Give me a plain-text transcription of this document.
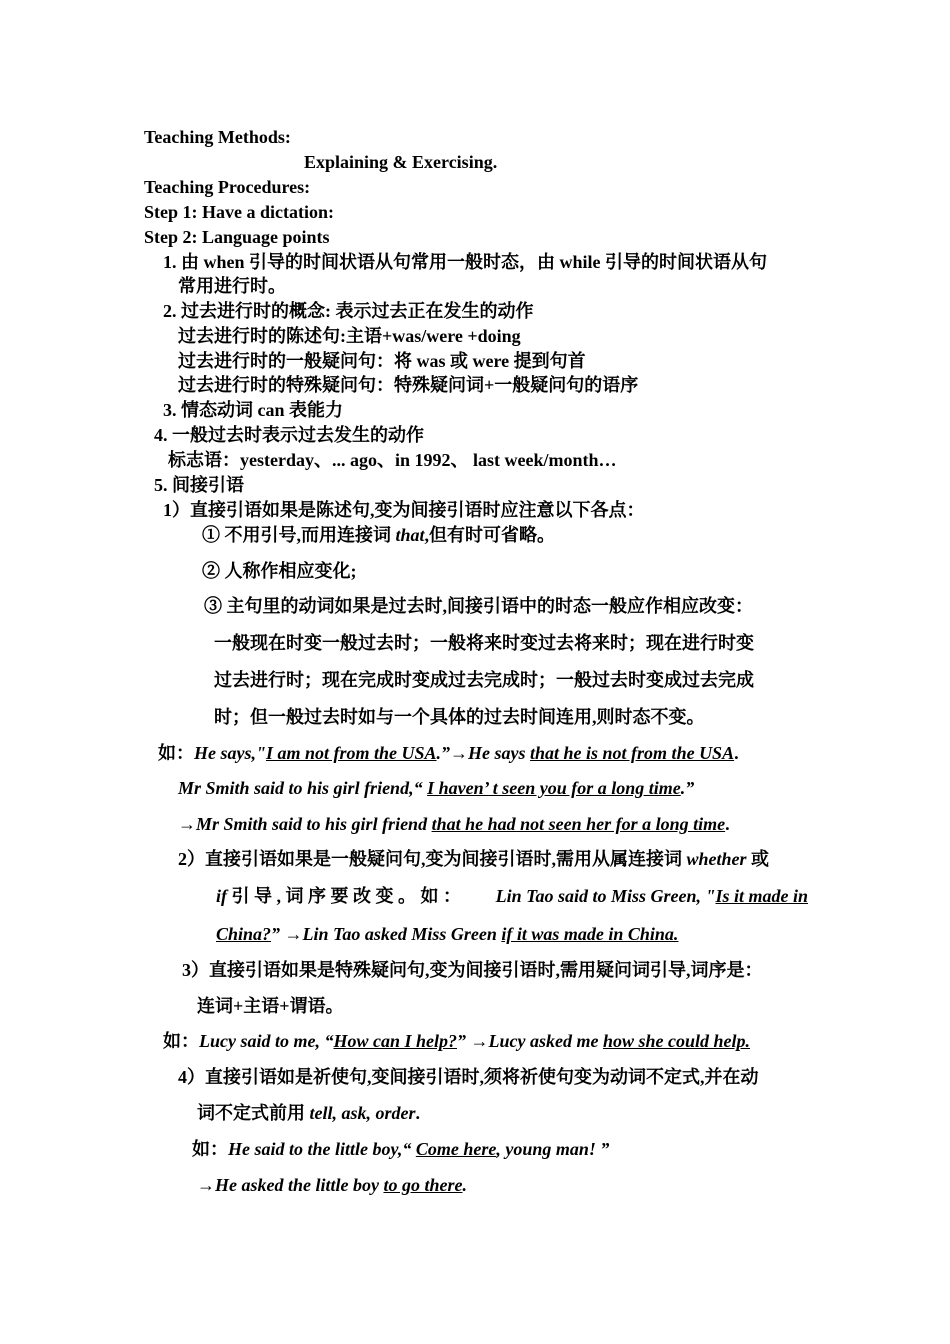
Teaching Methods:
Explaining & Exercising.
Teaching Procedures:
Step 1: Have a dictation:
Step 2: Language points
1. 由 when 引导的时间状语从句常用一般时态，由 while 引导的时间状语从句
常用进行时。
2. 过去进行时的概念: 表示过去正在发生的动作
过去进行时的陈述句:主语+was/were +doing
过去进行时的一般疑问句：将 was 或 were 提到句首
过去进行时的特殊疑问句：特殊疑问词+一般疑问句的语序
3. 情态动词 can 表能力
4. 一般过去时表示过去发生的动作
标志语：yesterday、... ago、in 1992、 last week/month…
5. 间接引语
1）直接引语如果是陈述句,变为间接引语时应注意以下各点：
① 不用引号,而用连接词 that,但有时可省略。
② 人称作相应变化;
③ 主句里的动词如果是过去时,间接引语中的时态一般应作相应改变：
一般现在时变一般过去时；一般将来时变过去将来时；现在进行时变
过去进行时；现在完成时变成过去完成时；一般过去时变成过去完成
时；但一般过去时如与一个具体的过去时间连用,则时态不变。
如：He says,"I am not from the USA.”→He says that he is not from the USA.
Mr Smith said to his girl friend,“ I haven’ t seen you for a long time.”
→Mr Smith said to his girl friend that he had not seen her for a long time.
2）直接引语如果是一般疑问句,变为间接引语时,需用从属连接词 whether 或
if 引 导 , 词 序 要 改 变 。 如 ： Lin Tao said to Miss Green, "Is it made in
China?” →Lin Tao asked Miss Green if it was made in China.
3）直接引语如果是特殊疑问句,变为间接引语时,需用疑问词引导,词序是：
连词+主语+谓语。
如：Lucy said to me, “How can I help?” →Lucy asked me how she could help.
4）直接引语如是祈使句,变间接引语时,须将祈使句变为动词不定式,并在动
词不定式前用 tell, ask, order.
如：He said to the little boy,“ Come here, young man! ”
→He asked the little boy to go there.
